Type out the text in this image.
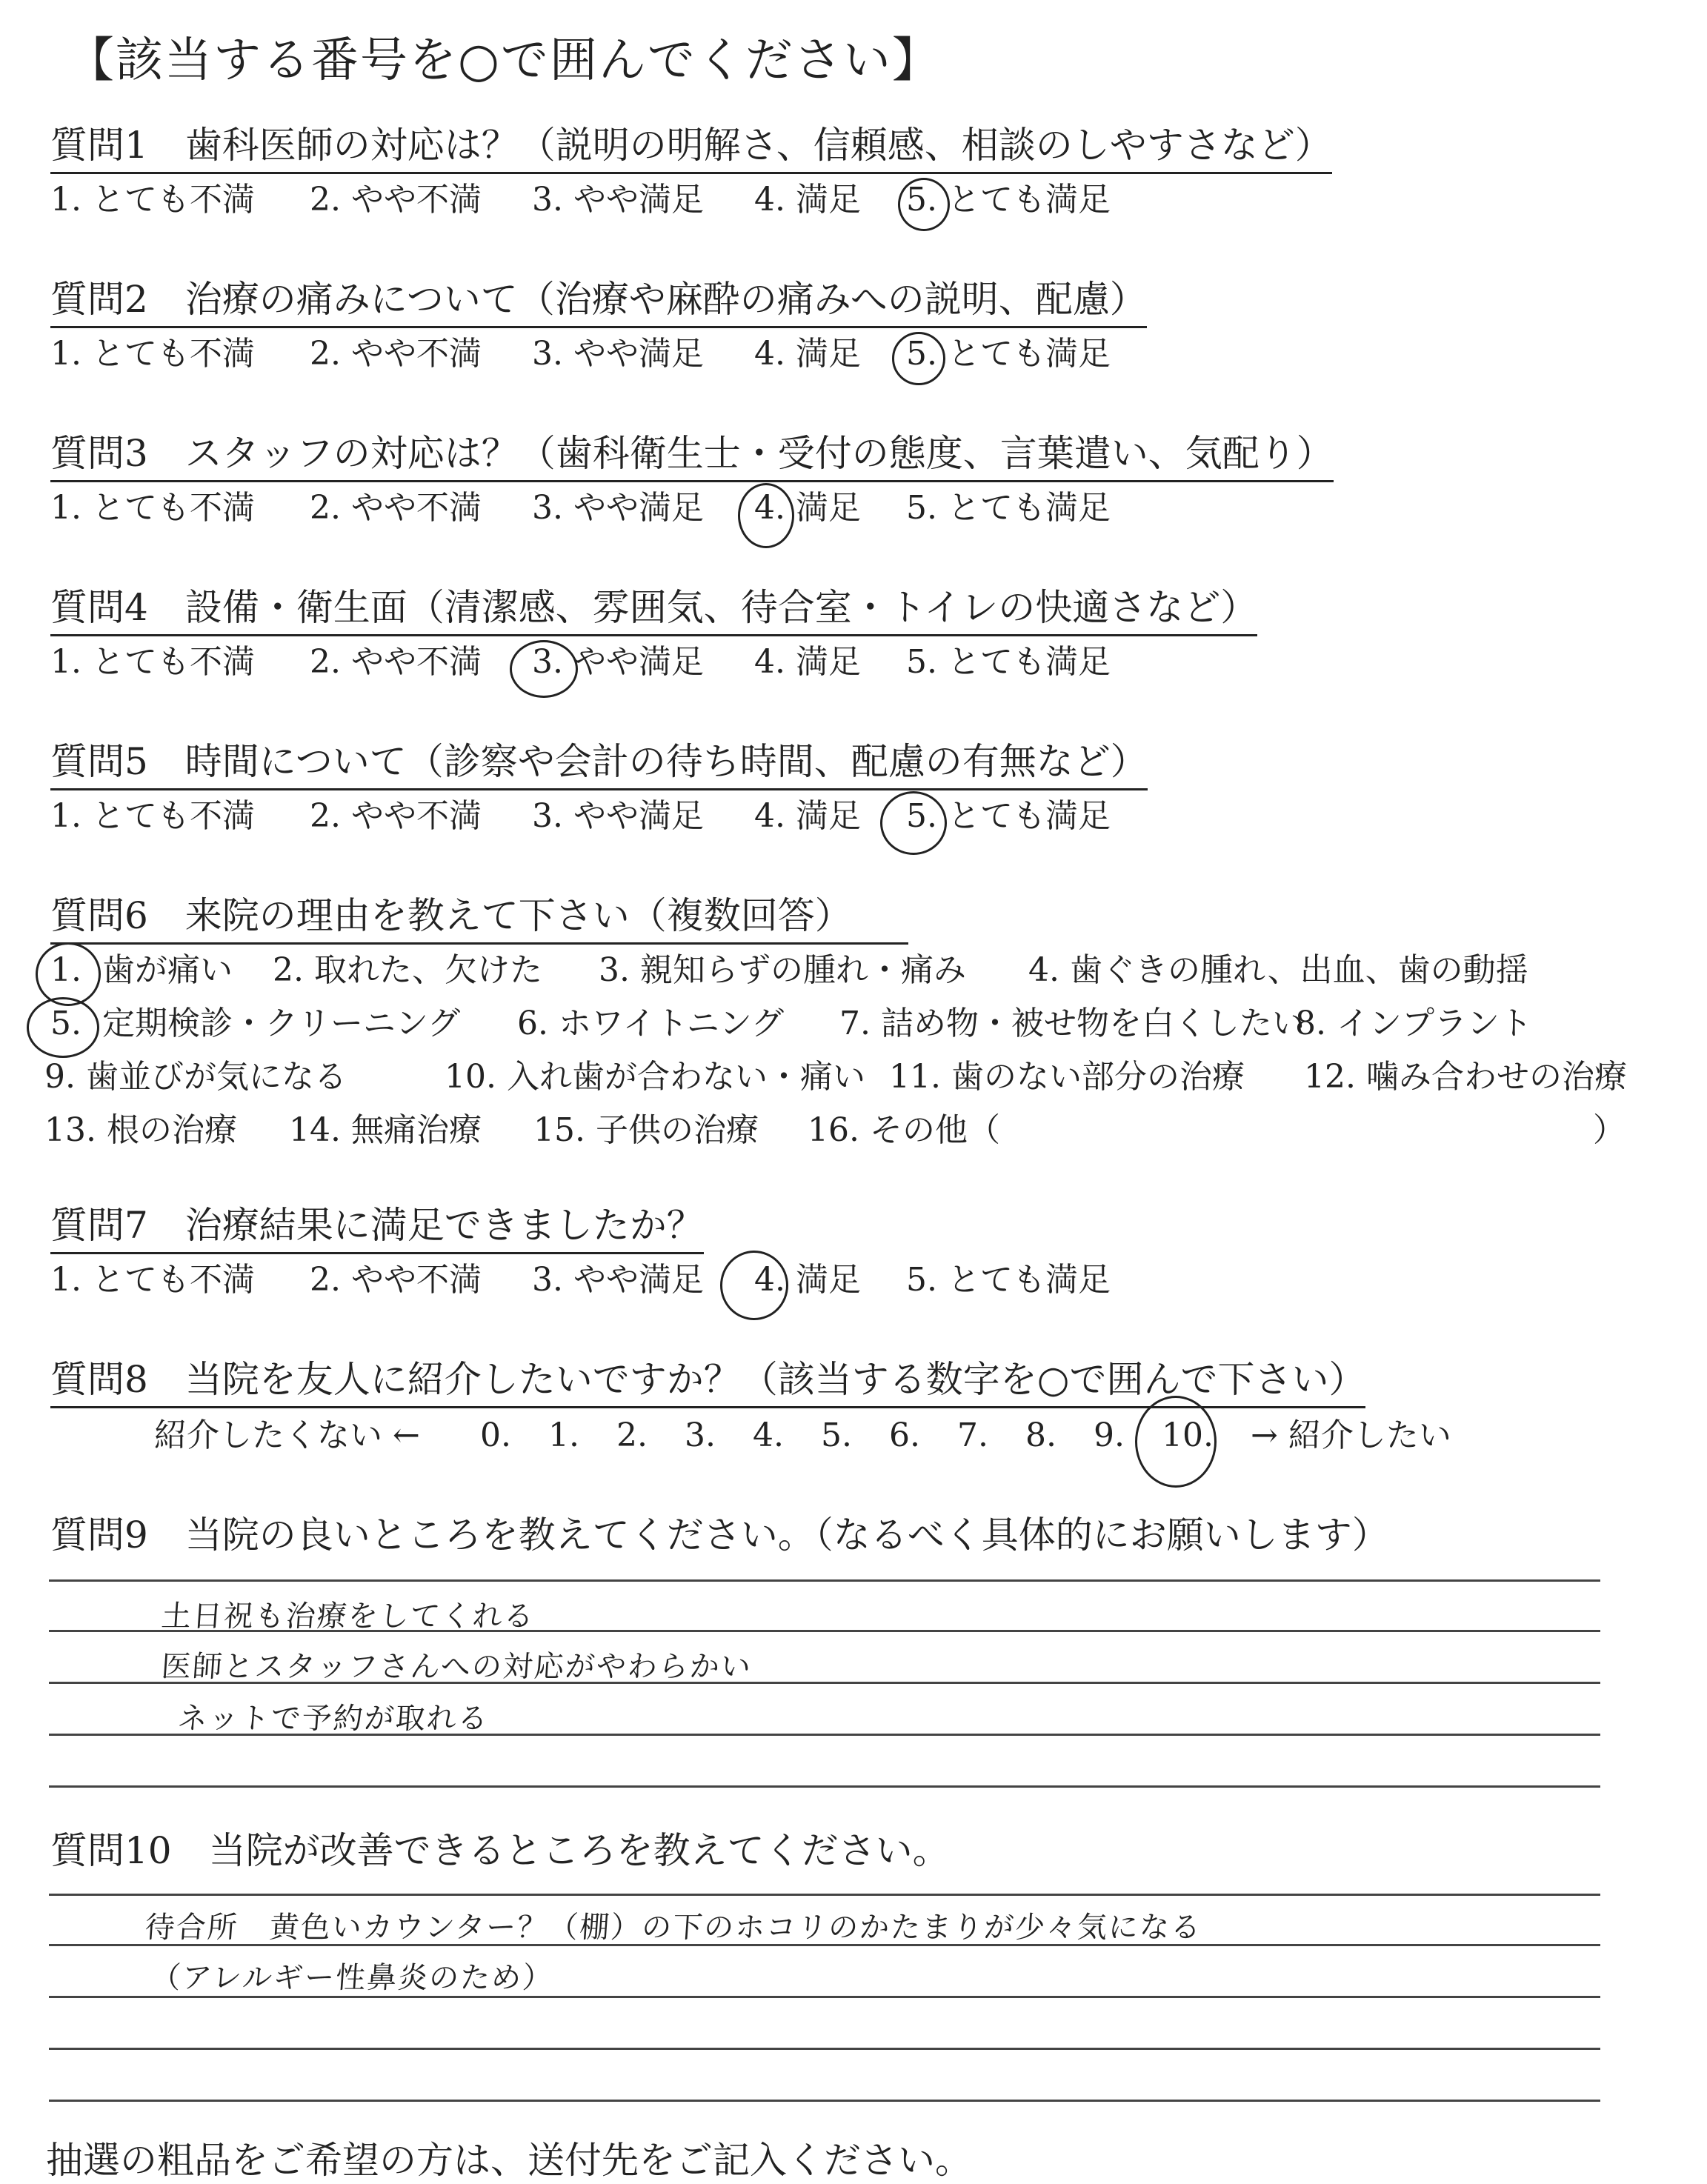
【該当する番号を○で囲んでください】
質問1　歯科医師の対応は？（説明の明解さ、信頼感、相談のしやすさなど）
1. とても不満 2. やや不満 3. やや満足 4. 満足 5. とても満足
質問2　治療の痛みについて（治療や麻酔の痛みへの説明、配慮）
1. とても不満 2. やや不満 3. やや満足 4. 満足 5. とても満足
質問3　スタッフの対応は？（歯科衛生士・受付の態度、言葉遣い、気配り）
1. とても不満 2. やや不満 3. やや満足 4. 満足 5. とても満足
質問4　設備・衛生面（清潔感、雰囲気、待合室・トイレの快適さなど）
1. とても不満 2. やや不満 3. やや満足 4. 満足 5. とても満足
質問5　時間について（診察や会計の待ち時間、配慮の有無など）
1. とても不満 2. やや不満 3. やや満足 4. 満足 5. とても満足
質問6　来院の理由を教えて下さい（複数回答）
1. 歯が痛い 2. 取れた、欠けた 3. 親知らずの腫れ・痛み 4. 歯ぐきの腫れ、出血、歯の動揺
5. 定期検診・クリーニング 6. ホワイトニング 7. 詰め物・被せ物を白くしたい
8. インプラント
9. 歯並びが気になる	10. 入れ歯が合わない・痛い 11. 歯のない部分の治療 12. 噛み合わせの治療
13. 根の治療 14. 無痛治療 15. 子供の治療 16. その他（	）
質問7　治療結果に満足できましたか？
1. とても不満 2. やや不満 3. やや満足 4. 満足 5. とても満足
質問8　当院を友人に紹介したいですか？（該当する数字を○で囲んで下さい）
紹介したくない ← 0. 1. 2. 3. 4. 5. 6. 7. 8. 9. 10. → 紹介したい
質問9　当院の良いところを教えてください。（なるべく具体的にお願いします）
土日祝も治療をしてくれる
医師とスタッフさんへの対応がやわらかい
ネットで予約が取れる
質問10　当院が改善できるところを教えてください。
待合所　黄色いカウンター？（棚）の下のホコリのかたまりが少々気になる
（アレルギー性鼻炎のため）
抽選の粗品をご希望の方は、送付先をご記入ください。
